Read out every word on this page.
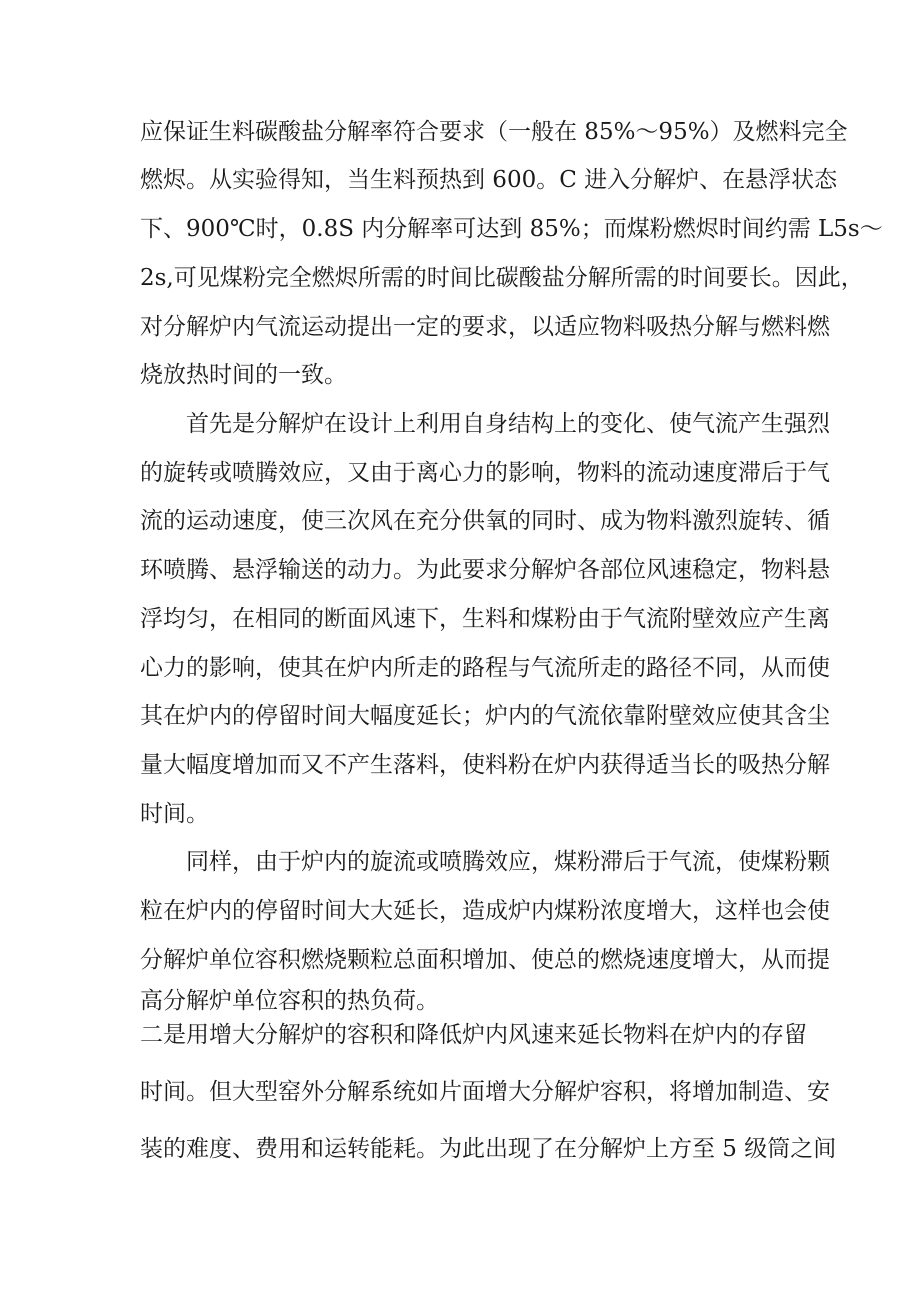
应保证生料碳酸盐分解率符合要求（一般在 85%～95%）及燃料完全
燃烬。从实验得知，当生料预热到 600。C 进入分解炉、在悬浮状态
下、900℃时，0.8S 内分解率可达到 85%；而煤粉燃烬时间约需 L5s～
2s,可见煤粉完全燃烬所需的时间比碳酸盐分解所需的时间要长。因此，
对分解炉内气流运动提出一定的要求，以适应物料吸热分解与燃料燃
烧放热时间的一致。
首先是分解炉在设计上利用自身结构上的变化、使气流产生强烈
的旋转或喷腾效应，又由于离心力的影响，物料的流动速度滞后于气
流的运动速度，使三次风在充分供氧的同时、成为物料激烈旋转、循
环喷腾、悬浮输送的动力。为此要求分解炉各部位风速稳定，物料悬
浮均匀，在相同的断面风速下，生料和煤粉由于气流附壁效应产生离
心力的影响，使其在炉内所走的路程与气流所走的路径不同，从而使
其在炉内的停留时间大幅度延长；炉内的气流依靠附壁效应使其含尘
量大幅度增加而又不产生落料，使料粉在炉内获得适当长的吸热分解
时间。
同样，由于炉内的旋流或喷腾效应，煤粉滞后于气流，使煤粉颗
粒在炉内的停留时间大大延长，造成炉内煤粉浓度增大，这样也会使
分解炉单位容积燃烧颗粒总面积增加、使总的燃烧速度增大，从而提
高分解炉单位容积的热负荷。
二是用增大分解炉的容积和降低炉内风速来延长物料在炉内的存留
时间。但大型窑外分解系统如片面增大分解炉容积，将增加制造、安
装的难度、费用和运转能耗。为此出现了在分解炉上方至 5 级筒之间
